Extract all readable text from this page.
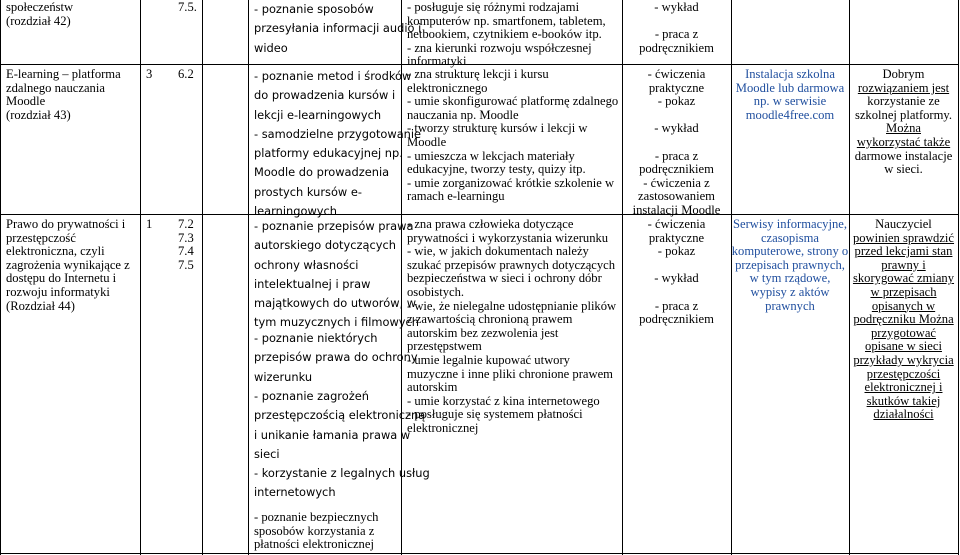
społeczeństw
(rozdział 42)
E-learning – platforma
zdalnego nauczania
Moodle
(rozdział 43)
Prawo do prywatności i
przestępczość
elektroniczna, czyli
zagrożenia wynikające z
dostępu do Internetu i
rozwoju informatyki
(Rozdział 44)
3
1
7.5.
6.2
7.2
7.3
7.4
7.5
- poznanie sposobów
przesyłania informacji audio i
wideo
- poznanie metod i środków
do prowadzenia kursów i
lekcji e-learningowych
- samodzielne przygotowanie
platformy edukacyjnej np.
Moodle do prowadzenia
prostych kursów e-
learningowych
- poznanie przepisów prawa
autorskiego dotyczących
ochrony własności
intelektualnej i praw
majątkowych do utworów, w
tym muzycznych i filmowych
- poznanie niektórych
przepisów prawa do ochrony
wizerunku
- poznanie zagrożeń
przestępczością elektroniczną
i unikanie łamania prawa w
sieci
- korzystanie z legalnych usług
internetowych
- poznanie bezpiecznych
sposobów korzystania z
płatności elektronicznej
- posługuje się różnymi rodzajami
komputerów np. smartfonem, tabletem,
netbookiem, czytnikiem e-booków itp.
- zna kierunki rozwoju współczesnej
informatyki
- zna strukturę lekcji i kursu
elektronicznego
- umie skonfigurować platformę zdalnego
nauczania np. Moodle
- tworzy strukturę kursów i lekcji w
Moodle
- umieszcza w lekcjach materiały
edukacyjne, tworzy testy, quizy itp.
- umie zorganizować krótkie szkolenie w
ramach e-learningu
- zna prawa człowieka dotyczące
prywatności i wykorzystania wizerunku
- wie, w jakich dokumentach należy
szukać przepisów prawnych dotyczących
bezpieczeństwa w sieci i ochrony dóbr
osobistych.
- wie, że nielegalne udostępnianie plików
z zawartością chronioną prawem
autorskim bez zezwolenia jest
przestępstwem
- umie legalnie kupować utwory
muzyczne i inne pliki chronione prawem
autorskim
- umie korzystać z kina internetowego
- posługuje się systemem płatności
elektronicznej
- wykład

- praca z
podręcznikiem
- ćwiczenia
praktyczne
- pokaz

- wykład

- praca z
podręcznikiem
- ćwiczenia z
zastosowaniem
instalacji Moodle
- ćwiczenia
praktyczne
- pokaz

- wykład

- praca z
podręcznikiem
Instalacja szkolna
Moodle lub darmowa
np. w serwisie
moodle4free.com
Serwisy informacyjne,
czasopisma
komputerowe, strony o
przepisach prawnych,
w tym rządowe,
wypisy z aktów
prawnych
Dobrym
rozwiązaniem jest
korzystanie ze
szkolnej platformy.
Można
wykorzystać także
darmowe instalacje
w sieci.
Nauczyciel
powinien sprawdzić
przed lekcjami stan
prawny i
skorygować zmiany
w przepisach
opisanych w
podręczniku Można
przygotować
opisane w sieci
przykłady wykrycia
przestępczości
elektronicznej i
skutków takiej
działalności
